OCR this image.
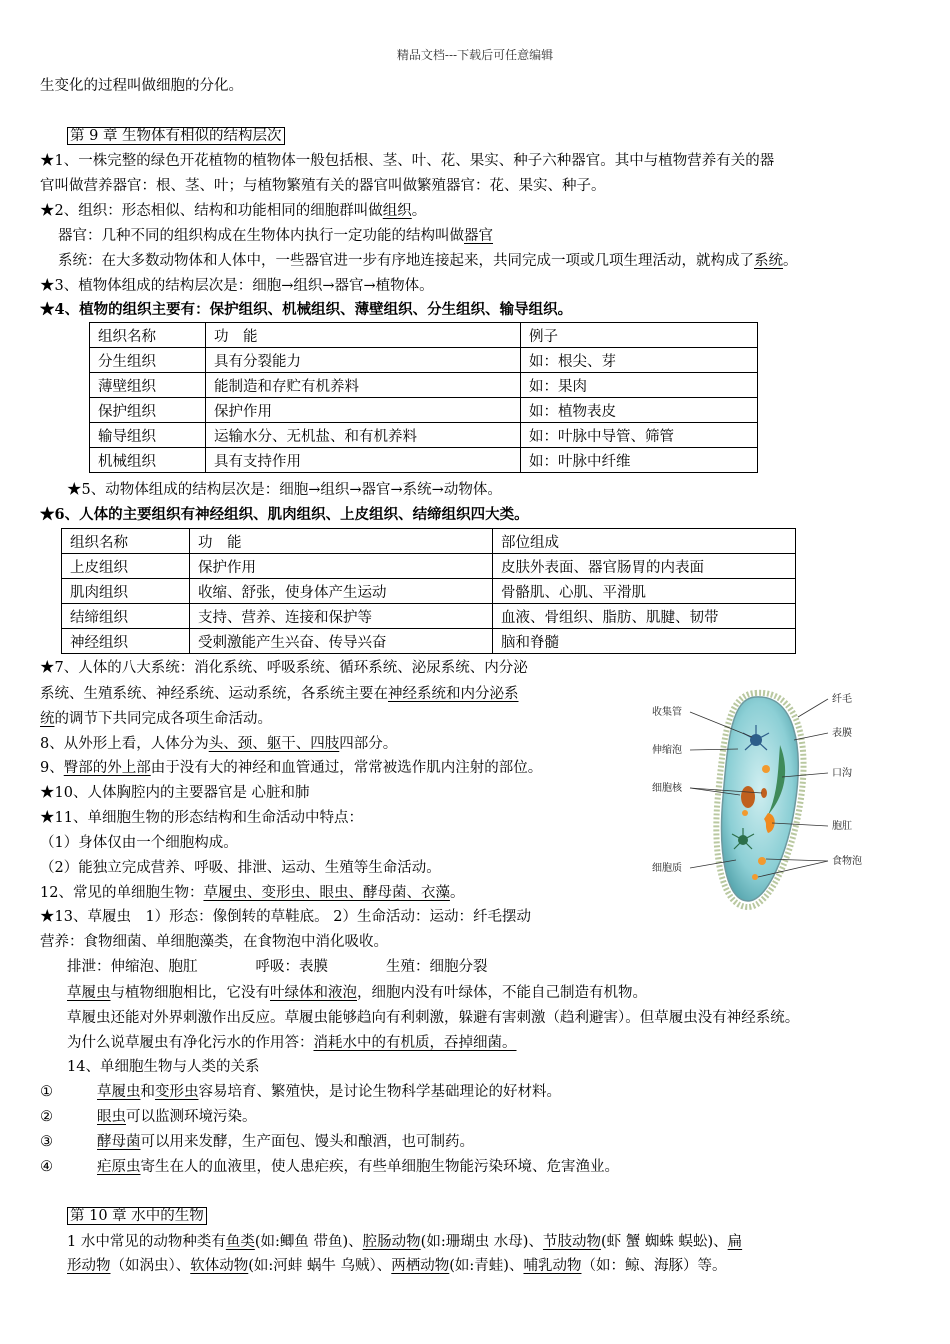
精品文档---下载后可任意编辑
生变化的过程叫做细胞的分化。
第 9 章 生物体有相似的结构层次
★1、一株完整的绿色开花植物的植物体一般包括根、茎、叶、花、果实、种子六种器官。其中与植物营养有关的器
官叫做营养器官：根、茎、叶；与植物繁殖有关的器官叫做繁殖器官：花、果实、种子。
★2、组织：形态相似、结构和功能相同的细胞群叫做组织。
器官：几种不同的组织构成在生物体内执行一定功能的结构叫做器官
系统：在大多数动物体和人体中，一些器官进一步有序地连接起来，共同完成一项或几项生理活动，就构成了系统。
★3、植物体组成的结构层次是：细胞→组织→器官→植物体。
★4、植物的组织主要有：保护组织、机械组织、薄壁组织、分生组织、输导组织。
组织名称	功　能	例子
分生组织	具有分裂能力	如：根尖、芽
薄壁组织	能制造和存贮有机养料	如：果肉
保护组织	保护作用	如：植物表皮
输导组织	运输水分、无机盐、和有机养料	如：叶脉中导管、筛管
机械组织	具有支持作用	如：叶脉中纤维
★5、动物体组成的结构层次是：细胞→组织→器官→系统→动物体。
★6、人体的主要组织有神经组织、肌肉组织、上皮组织、结缔组织四大类。
组织名称	功　能	部位组成
上皮组织	保护作用	皮肤外表面、器官肠胃的内表面
肌肉组织	收缩、舒张，使身体产生运动	骨骼肌、心肌、平滑肌
结缔组织	支持、营养、连接和保护等	血液、骨组织、脂肪、肌腱、韧带
神经组织	受刺激能产生兴奋、传导兴奋	脑和脊髓
★7、人体的八大系统：消化系统、呼吸系统、循环系统、泌尿系统、内分泌
系统、生殖系统、神经系统、运动系统，各系统主要在神经系统和内分泌系
统的调节下共同完成各项生命活动。
8、从外形上看，人体分为头、颈、躯干、四肢四部分。
9、臀部的外上部由于没有大的神经和血管通过，常常被选作肌内注射的部位。
★10、人体胸腔内的主要器官是 心脏和肺
★11、单细胞生物的形态结构和生命活动中特点：
（1）身体仅由一个细胞构成。
（2）能独立完成营养、呼吸、排泄、运动、生殖等生命活动。
12、常见的单细胞生物：草履虫、变形虫、眼虫、酵母菌、衣藻。
★13、草履虫　1）形态：像倒转的草鞋底。 2）生命活动：运动：纤毛摆动
营养：食物细菌、单细胞藻类，在食物泡中消化吸收。
排泄：伸缩泡、胞肛　　　　呼吸：表膜　　　　生殖：细胞分裂
草履虫与植物细胞相比，它没有叶绿体和液泡，细胞内没有叶绿体，不能自己制造有机物。
草履虫还能对外界刺激作出反应。草履虫能够趋向有利刺激，躲避有害刺激（趋利避害）。但草履虫没有神经系统。
为什么说草履虫有净化污水的作用答：消耗水中的有机质，吞掉细菌。
14、单细胞生物与人类的关系
①	草履虫和变形虫容易培育、繁殖快，是讨论生物科学基础理论的好材料。
②	眼虫可以监测环境污染。
③	酵母菌可以用来发酵，生产面包、馒头和酿酒，也可制药。
④	疟原虫寄生在人的血液里，使人患疟疾，有些单细胞生物能污染环境、危害渔业。
第 10 章 水中的生物
1 水中常见的动物种类有鱼类(如:鲫鱼 带鱼)、腔肠动物(如:珊瑚虫 水母)、节肢动物(虾 蟹 蜘蛛 蜈蚣)、扁
形动物（如涡虫）、软体动物(如:河蚌 蜗牛 乌贼）、两栖动物(如:青蛙)、哺乳动物（如：鲸、海豚）等。
收集管
伸缩泡
细胞核
细胞质
纤毛
表膜
口沟
胞肛
食物泡
